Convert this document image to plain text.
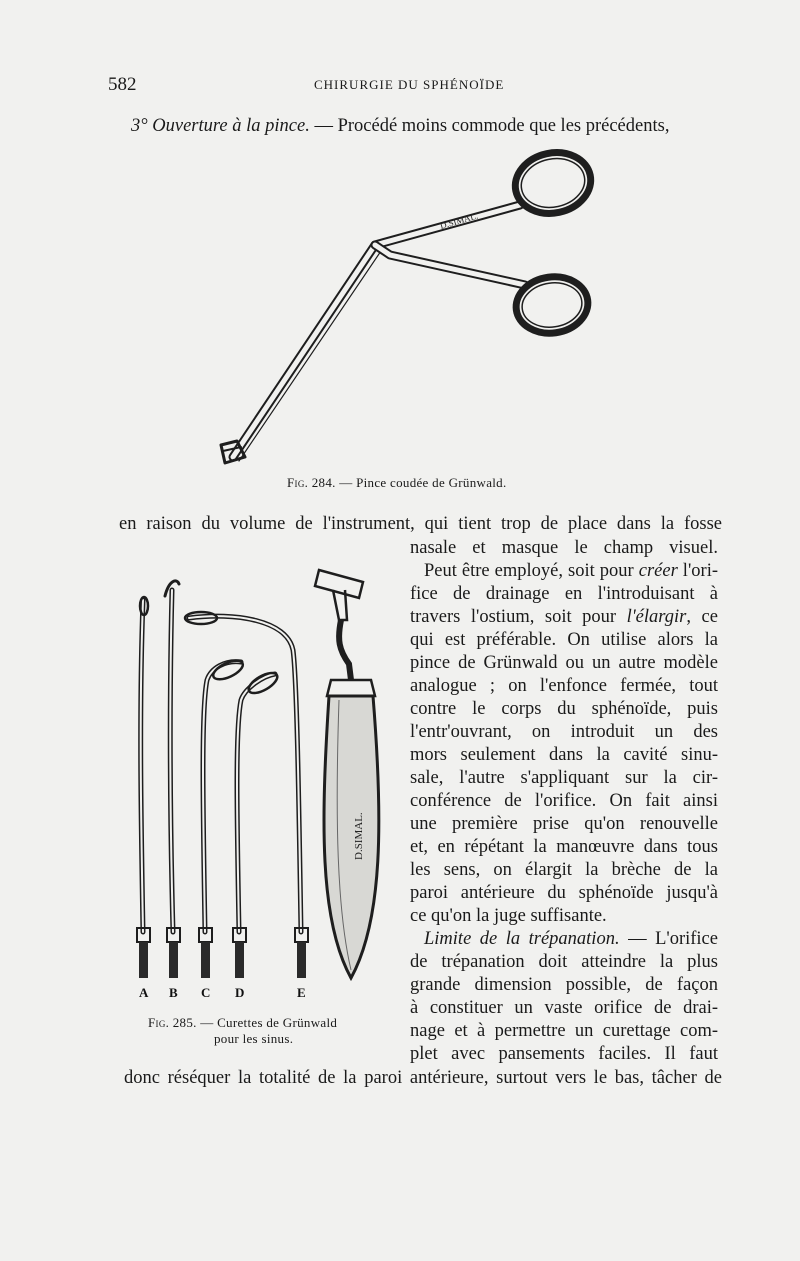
582	CHIRURGIE DU SPHÉNOÏDE
3° Ouverture à la pince. — Procédé moins commode que les précédents,
D.SIMAL.
Fig. 284. — Pince coudée de Grünwald.
en raison du volume de l'instrument, qui tient trop de place dans la fosse
nasale et masque le champ visuel.
Peut être employé, soit pour créer l'ori-
fice de drainage en l'introduisant à
travers l'ostium, soit pour l'élargir, ce
qui est préférable. On utilise alors la
pince de Grünwald ou un autre modèle
analogue ; on l'enfonce fermée, tout
contre le corps du sphénoïde, puis
l'entr'ouvrant, on introduit un des
mors seulement dans la cavité sinu-
sale, l'autre s'appliquant sur la cir-
conférence de l'orifice. On fait ainsi
une première prise qu'on renouvelle
et, en répétant la manœuvre dans tous
les sens, on élargit la brèche de la
paroi antérieure du sphénoïde jusqu'à
ce qu'on la juge suffisante.
Limite de la trépanation. — L'orifice
de trépanation doit atteindre la plus
grande dimension possible, de façon
à constituer un vaste orifice de drai-
nage et à permettre un curettage com-
plet avec pansements faciles. Il faut
donc réséquer la totalité de la paroi antérieure, surtout vers le bas, tâcher de
D.SIMAL.
A B C D	E
Fig. 285. — Curettes de Grünwald
pour les sinus.
